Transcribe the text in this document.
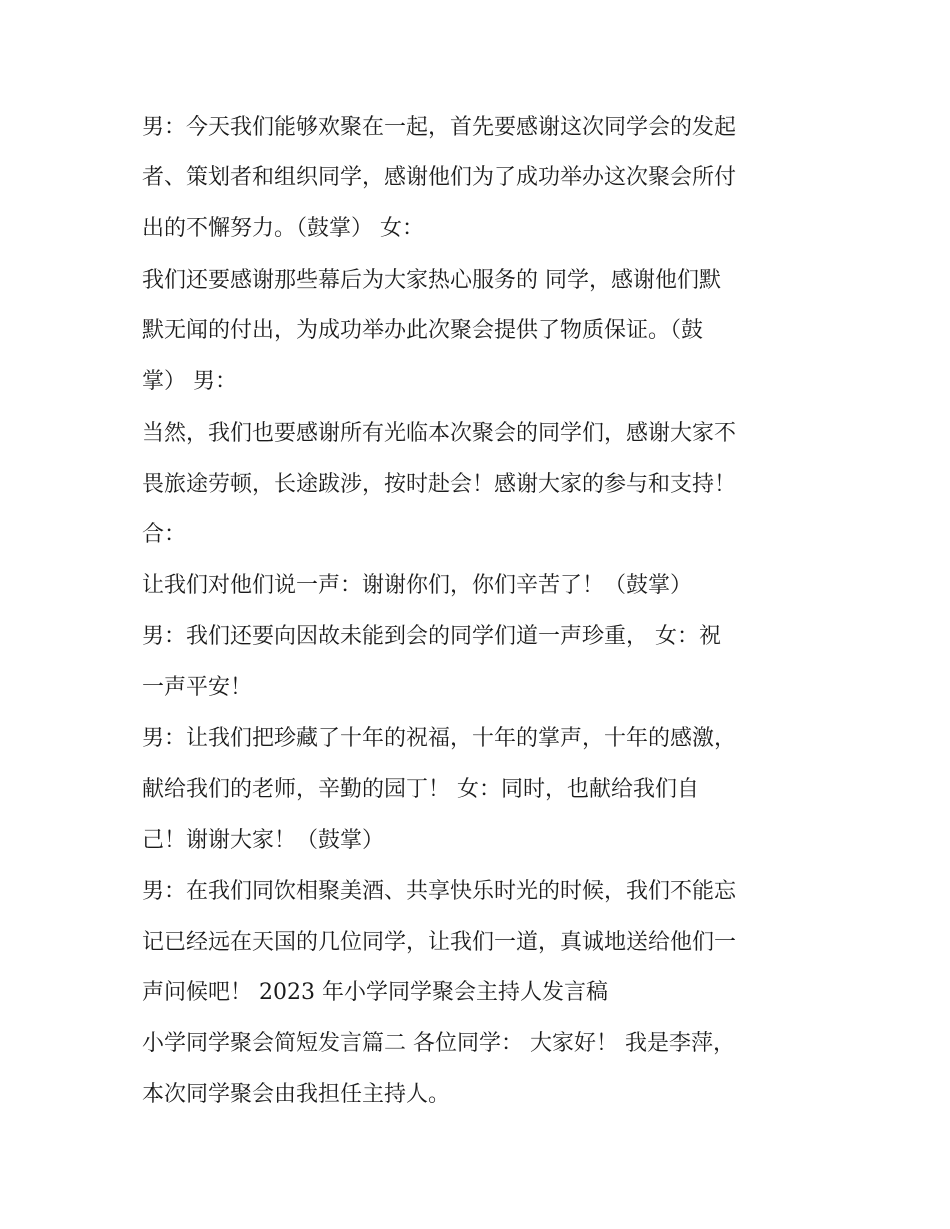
男：今天我们能够欢聚在一起，首先要感谢这次同学会的发起
者、策划者和组织同学，感谢他们为了成功举办这次聚会所付
出的不懈努力。（鼓掌） 女：
我们还要感谢那些幕后为大家热心服务的 同学，感谢他们默
默无闻的付出，为成功举办此次聚会提供了物质保证。（鼓
掌） 男：
当然，我们也要感谢所有光临本次聚会的同学们，感谢大家不
畏旅途劳顿，长途跋涉，按时赴会！感谢大家的参与和支持！
合：
让我们对他们说一声：谢谢你们，你们辛苦了！（鼓掌）
男：我们还要向因故未能到会的同学们道一声珍重， 女：祝
一声平安！
男：让我们把珍藏了十年的祝福，十年的掌声，十年的感激，
献给我们的老师，辛勤的园丁！ 女：同时，也献给我们自
己！谢谢大家！（鼓掌）
男：在我们同饮相聚美酒、共享快乐时光的时候，我们不能忘
记已经远在天国的几位同学，让我们一道，真诚地送给他们一
声问候吧！ 2023 年小学同学聚会主持人发言稿
小学同学聚会简短发言篇二 各位同学： 大家好！ 我是李萍，
本次同学聚会由我担任主持人。
